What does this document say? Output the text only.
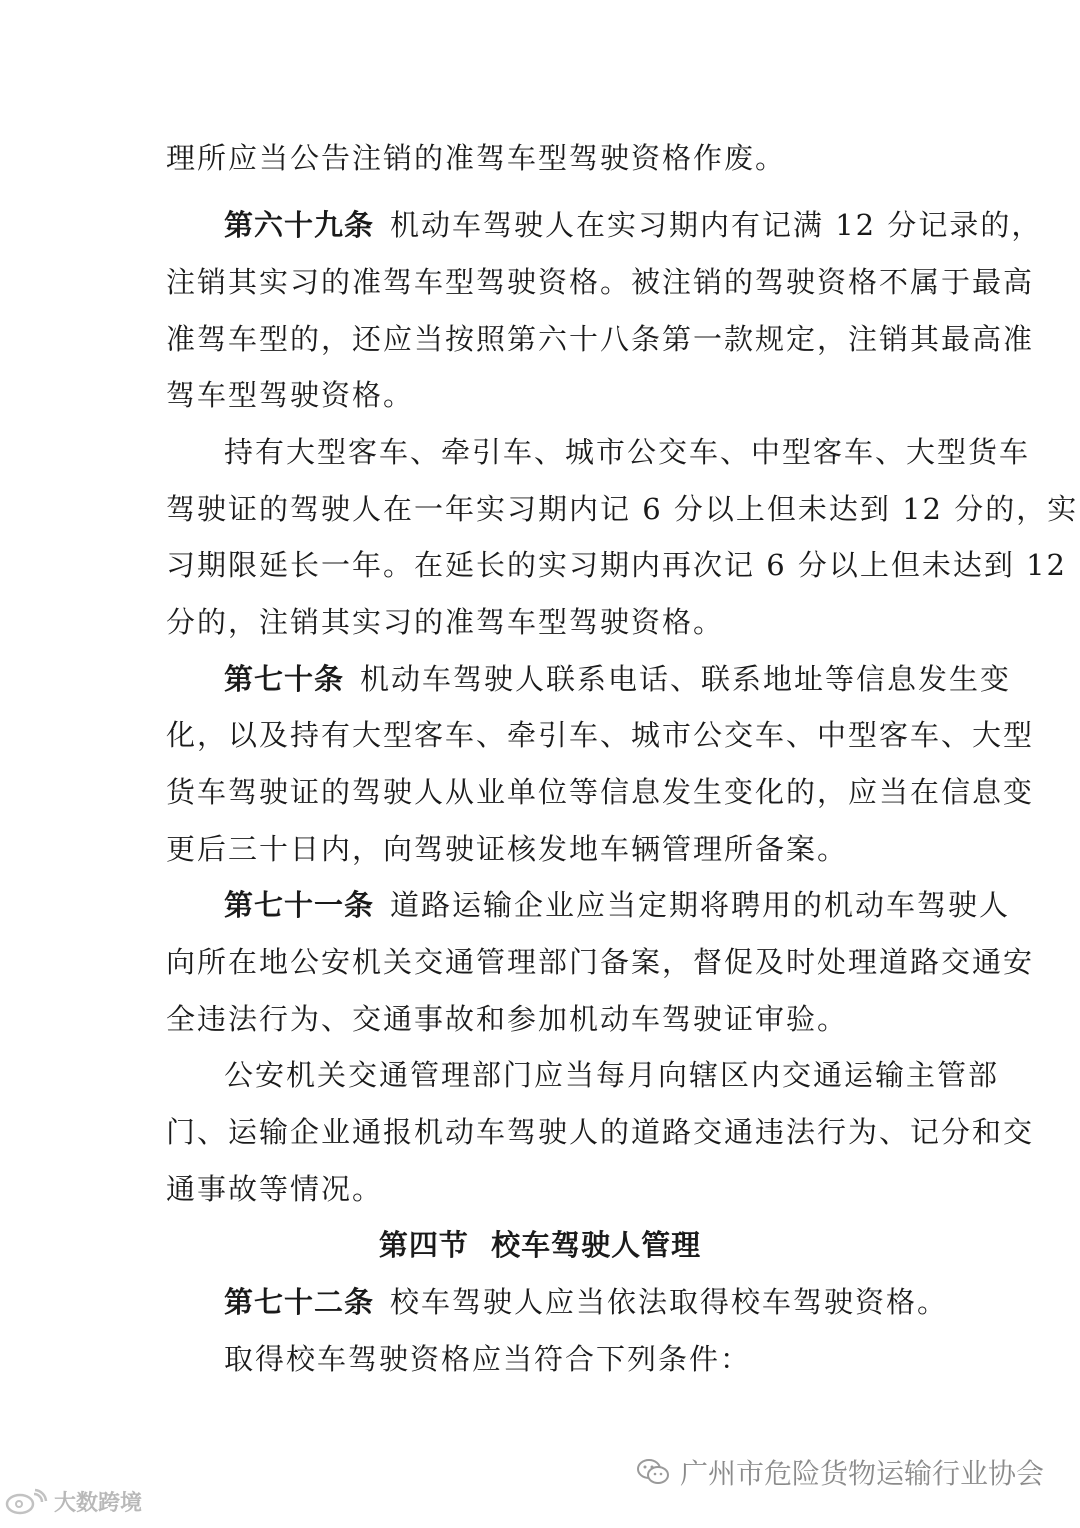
理所应当公告注销的准驾车型驾驶资格作废。
第六十九条 机动车驾驶人在实习期内有记满 12 分记录的，
注销其实习的准驾车型驾驶资格。被注销的驾驶资格不属于最高
准驾车型的，还应当按照第六十八条第一款规定，注销其最高准
驾车型驾驶资格。
持有大型客车、牵引车、城市公交车、中型客车、大型货车
驾驶证的驾驶人在一年实习期内记 6 分以上但未达到 12 分的，实
习期限延长一年。在延长的实习期内再次记 6 分以上但未达到 12
分的，注销其实习的准驾车型驾驶资格。
第七十条 机动车驾驶人联系电话、联系地址等信息发生变
化，以及持有大型客车、牵引车、城市公交车、中型客车、大型
货车驾驶证的驾驶人从业单位等信息发生变化的，应当在信息变
更后三十日内，向驾驶证核发地车辆管理所备案。
第七十一条 道路运输企业应当定期将聘用的机动车驾驶人
向所在地公安机关交通管理部门备案，督促及时处理道路交通安
全违法行为、交通事故和参加机动车驾驶证审验。
公安机关交通管理部门应当每月向辖区内交通运输主管部
门、运输企业通报机动车驾驶人的道路交通违法行为、记分和交
通事故等情况。
第四节  校车驾驶人管理
第七十二条 校车驾驶人应当依法取得校车驾驶资格。
取得校车驾驶资格应当符合下列条件：
广州市危险货物运输行业协会
大数跨境
